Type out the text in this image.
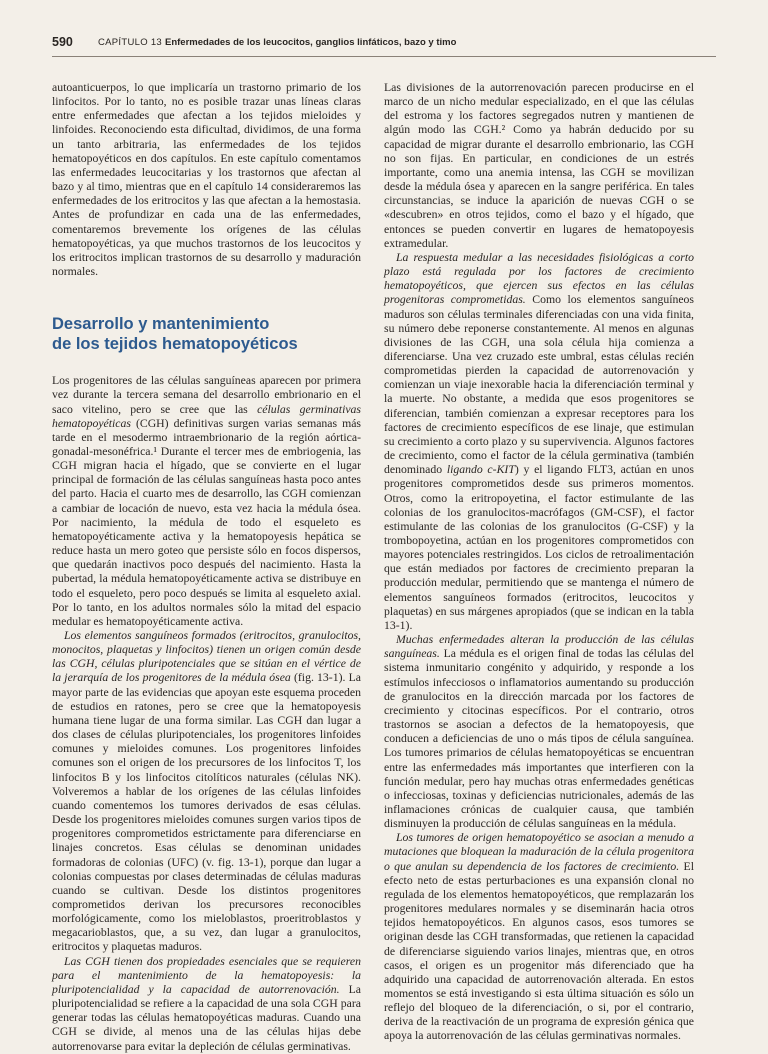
590	CAPÍTULO 13 Enfermedades de los leucocitos, ganglios linfáticos, bazo y timo

autoanticuerpos, lo que implicaría un trastorno primario de los linfocitos. Por lo tanto, no es posible trazar unas líneas claras entre enfermedades que afectan a los tejidos mieloides y linfoides. Reconociendo esta dificultad, dividimos, de una forma un tanto arbitraria, las enfermedades de los tejidos hematopoyéticos en dos capítulos. En este capítulo comentamos las enfermedades leucocitarias y los trastornos que afectan al bazo y al timo, mientras que en el capítulo 14 consideraremos las enfermedades de los eritrocitos y las que afectan a la hemostasia. Antes de profundizar en cada una de las enfermedades, comentaremos brevemente los orígenes de las células hematopoyéticas, ya que muchos trastornos de los leucocitos y los eritrocitos implican trastornos de su desarrollo y maduración normales.

Desarrollo y mantenimiento
de los tejidos hematopoyéticos

Los progenitores de las células sanguíneas aparecen por primera vez durante la tercera semana del desarrollo embrionario en el saco vitelino, pero se cree que las células germinativas hematopoyéticas (CGH) definitivas surgen varias semanas más tarde en el mesodermo intraembrionario de la región aórtica-gonadal-mesonéfrica.¹ Durante el tercer mes de embriogenia, las CGH migran hacia el hígado, que se convierte en el lugar principal de formación de las células sanguíneas hasta poco antes del parto. Hacia el cuarto mes de desarrollo, las CGH comienzan a cambiar de locación de nuevo, esta vez hacia la médula ósea. Por nacimiento, la médula de todo el esqueleto es hematopoyéticamente activa y la hematopoyesis hepática se reduce hasta un mero goteo que persiste sólo en focos dispersos, que quedarán inactivos poco después del nacimiento. Hasta la pubertad, la médula hematopoyéticamente activa se distribuye en todo el esqueleto, pero poco después se limita al esqueleto axial. Por lo tanto, en los adultos normales sólo la mitad del espacio medular es hematopoyéticamente activa.

Los elementos sanguíneos formados (eritrocitos, granulocitos, monocitos, plaquetas y linfocitos) tienen un origen común desde las CGH, células pluripotenciales que se sitúan en el vértice de la jerarquía de los progenitores de la médula ósea (fig. 13-1). La mayor parte de las evidencias que apoyan este esquema proceden de estudios en ratones, pero se cree que la hematopoyesis humana tiene lugar de una forma similar. Las CGH dan lugar a dos clases de células pluripotenciales, los progenitores linfoides comunes y mieloides comunes. Los progenitores linfoides comunes son el origen de los precursores de los linfocitos T, los linfocitos B y los linfocitos citolíticos naturales (células NK). Volveremos a hablar de los orígenes de las células linfoides cuando comentemos los tumores derivados de esas células. Desde los progenitores mieloides comunes surgen varios tipos de progenitores comprometidos estrictamente para diferenciarse en linajes concretos. Esas células se denominan unidades formadoras de colonias (UFC) (v. fig. 13-1), porque dan lugar a colonias compuestas por clases determinadas de células maduras cuando se cultivan. Desde los distintos progenitores comprometidos derivan los precursores reconocibles morfológicamente, como los mieloblastos, proeritroblastos y megacarioblastos, que, a su vez, dan lugar a granulocitos, eritrocitos y plaquetas maduros.

Las CGH tienen dos propiedades esenciales que se requieren para el mantenimiento de la hematopoyesis: la pluripotencialidad y la capacidad de autorrenovación. La pluripotencialidad se refiere a la capacidad de una sola CGH para generar todas las células hematopoyéticas maduras. Cuando una CGH se divide, al menos una de las células hijas debe autorrenovarse para evitar la depleción de células germinativas.

Las divisiones de la autorrenovación parecen producirse en el marco de un nicho medular especializado, en el que las células del estroma y los factores segregados nutren y mantienen de algún modo las CGH.² Como ya habrán deducido por su capacidad de migrar durante el desarrollo embrionario, las CGH no son fijas. En particular, en condiciones de un estrés importante, como una anemia intensa, las CGH se movilizan desde la médula ósea y aparecen en la sangre periférica. En tales circunstancias, se induce la aparición de nuevas CGH o se «descubren» en otros tejidos, como el bazo y el hígado, que entonces se pueden convertir en lugares de hematopoyesis extramedular.

La respuesta medular a las necesidades fisiológicas a corto plazo está regulada por los factores de crecimiento hematopoyéticos, que ejercen sus efectos en las células progenitoras comprometidas. Como los elementos sanguíneos maduros son células terminales diferenciadas con una vida finita, su número debe reponerse constantemente. Al menos en algunas divisiones de las CGH, una sola célula hija comienza a diferenciarse. Una vez cruzado este umbral, estas células recién comprometidas pierden la capacidad de autorrenovación y comienzan un viaje inexorable hacia la diferenciación terminal y la muerte. No obstante, a medida que esos progenitores se diferencian, también comienzan a expresar receptores para los factores de crecimiento específicos de ese linaje, que estimulan su crecimiento a corto plazo y su supervivencia. Algunos factores de crecimiento, como el factor de la célula germinativa (también denominado ligando c-KIT) y el ligando FLT3, actúan en unos progenitores comprometidos desde sus primeros momentos. Otros, como la eritropoyetina, el factor estimulante de las colonias de los granulocitos-macrófagos (GM-CSF), el factor estimulante de las colonias de los granulocitos (G-CSF) y la trombopoyetina, actúan en los progenitores comprometidos con mayores potenciales restringidos. Los ciclos de retroalimentación que están mediados por factores de crecimiento preparan la producción medular, permitiendo que se mantenga el número de elementos sanguíneos formados (eritrocitos, leucocitos y plaquetas) en sus márgenes apropiados (que se indican en la tabla 13-1).

Muchas enfermedades alteran la producción de las células sanguíneas. La médula es el origen final de todas las células del sistema inmunitario congénito y adquirido, y responde a los estímulos infecciosos o inflamatorios aumentando su producción de granulocitos en la dirección marcada por los factores de crecimiento y citocinas específicos. Por el contrario, otros trastornos se asocian a defectos de la hematopoyesis, que conducen a deficiencias de uno o más tipos de célula sanguínea. Los tumores primarios de células hematopoyéticas se encuentran entre las enfermedades más importantes que interfieren con la función medular, pero hay muchas otras enfermedades genéticas o infecciosas, toxinas y deficiencias nutricionales, además de las inflamaciones crónicas de cualquier causa, que también disminuyen la producción de células sanguíneas en la médula.

Los tumores de origen hematopoyético se asocian a menudo a mutaciones que bloquean la maduración de la célula progenitora o que anulan su dependencia de los factores de crecimiento. El efecto neto de estas perturbaciones es una expansión clonal no regulada de los elementos hematopoyéticos, que remplazarán los progenitores medulares normales y se diseminarán hacia otros tejidos hematopoyéticos. En algunos casos, esos tumores se originan desde las CGH transformadas, que retienen la capacidad de diferenciarse siguiendo varios linajes, mientras que, en otros casos, el origen es un progenitor más diferenciado que ha adquirido una capacidad de autorrenovación alterada. En estos momentos se está investigando si esta última situación es sólo un reflejo del bloqueo de la diferenciación, o si, por el contrario, deriva de la reactivación de un programa de expresión génica que apoya la autorrenovación de las células germinativas normales.
